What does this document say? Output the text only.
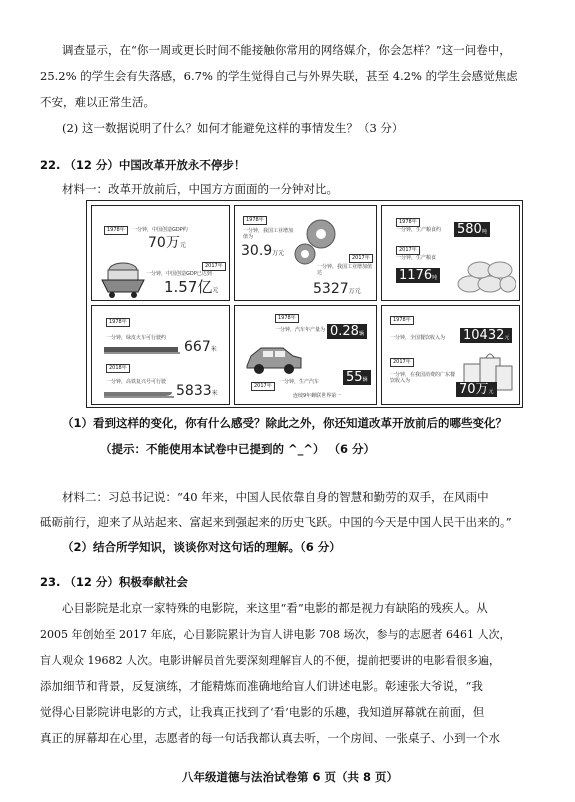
调查显示，在“你一周或更长时间不能接触你常用的网络媒介，你会怎样？”这一问卷中，
25.2% 的学生会有失落感，6.7% 的学生觉得自己与外界失联，甚至 4.2% 的学生会感觉焦虑
不安，难以正常生活。
(2) 这一数据说明了什么？如何才能避免这样的事情发生？（3 分）
22. （12 分）中国改革开放永不停步！
材料一：改革开放前后，中国方方面面的一分钟对比。
1978年	一分钟，中国创造GDP约
70万元
2017年
一分钟，中国创造GDP已达到
1.57亿元
1978年
一分钟，我国工业增加值为
30.9万元
一分钟，我国工业增加值达
2017年
5327万元
1978年
一分钟，生产粮食约 580吨
2017年
一分钟，生产粮食
1176吨
1978年
一分钟，绿皮火车可行驶约
667米
2018年
一分钟，高铁复兴号可行驶
5833米
1978年
一分钟，汽车年产量为 0.28辆
2017年
一分钟，生产汽车 55辆
连续9年蝉联世界第一
1978年
一分钟，全国餐饮收入为 10432元
2017年
一分钟，在我国消费的广东餐饮收入为
70万元
（1）看到这样的变化，你有什么感受？除此之外，你还知道改革开放前后的哪些变化？
（提示：不能使用本试卷中已提到的 ^_^） （6 分）
材料二：习总书记说：“40 年来，中国人民依靠自身的智慧和勤劳的双手，在风雨中
砥砺前行，迎来了从站起来、富起来到强起来的历史飞跃。中国的今天是中国人民干出来的。”
（2）结合所学知识，谈谈你对这句话的理解。（6 分）
23. （12 分）积极奉献社会
心目影院是北京一家特殊的电影院，来这里“看”电影的都是视力有缺陷的残疾人。从
2005 年创始至 2017 年底，心目影院累计为盲人讲电影 708 场次，参与的志愿者 6461 人次，
盲人观众 19682 人次。电影讲解员首先要深刻理解盲人的不便，提前把要讲的电影看很多遍，
添加细节和背景，反复演练，才能精炼而准确地给盲人们讲述电影。彰速张大爷说，“我
觉得心目影院讲电影的方式，让我真正找到了‘看’电影的乐趣，我知道屏幕就在前面，但
真正的屏幕却在心里，志愿者的每一句话我都认真去听，一个房间、一张桌子、小到一个水
八年级道德与法治试卷第 6 页（共 8 页）
